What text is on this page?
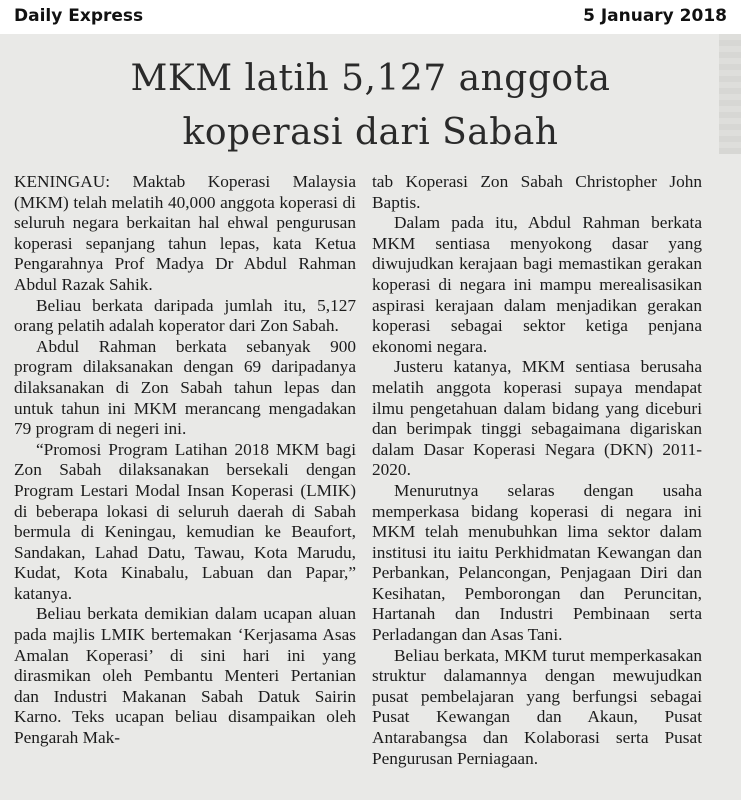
Daily Express	5 January 2018
MKM latih 5,127 anggota
koperasi dari Sabah

KENINGAU: Maktab Koperasi Malaysia (MKM) telah melatih 40,000 anggota koperasi di seluruh negara berkaitan hal ehwal pengurusan koperasi sepanjang tahun lepas, kata Ketua Pengarahnya Prof Madya Dr Abdul Rahman Abdul Razak Sahik.

Beliau berkata daripada jumlah itu, 5,127 orang pelatih adalah koperator dari Zon Sabah.

Abdul Rahman berkata sebanyak 900 program dilaksanakan dengan 69 daripadanya dilaksanakan di Zon Sabah tahun lepas dan untuk tahun ini MKM merancang mengadakan 79 program di negeri ini.

“Promosi Program Latihan 2018 MKM bagi Zon Sabah dilaksanakan bersekali dengan Program Lestari Modal Insan Koperasi (LMIK) di beberapa lokasi di seluruh daerah di Sabah bermula di Keningau, kemudian ke Beaufort, Sandakan, Lahad Datu, Tawau, Kota Marudu, Kudat, Kota Kinabalu, Labuan dan Papar,” katanya.

Beliau berkata demikian dalam ucapan aluan pada majlis LMIK bertemakan ‘Kerjasama Asas Amalan Koperasi’ di sini hari ini yang dirasmikan oleh Pembantu Menteri Pertanian dan Industri Makanan Sabah Datuk Sairin Karno. Teks ucapan beliau disampaikan oleh Pengarah Mak-

tab Koperasi Zon Sabah Christopher John Baptis.

Dalam pada itu, Abdul Rahman berkata MKM sentiasa menyokong dasar yang diwujudkan kerajaan bagi memastikan gerakan koperasi di negara ini mampu merealisasikan aspirasi kerajaan dalam menjadikan gerakan koperasi sebagai sektor ketiga penjana ekonomi negara.

Justeru katanya, MKM sentiasa berusaha melatih anggota koperasi supaya mendapat ilmu pengetahuan dalam bidang yang diceburi dan berimpak tinggi sebagaimana digariskan dalam Dasar Koperasi Negara (DKN) 2011-2020.

Menurutnya selaras dengan usaha memperkasa bidang koperasi di negara ini MKM telah menubuhkan lima sektor dalam institusi itu iaitu Perkhidmatan Kewangan dan Perbankan, Pelancongan, Penjagaan Diri dan Kesihatan, Pemborongan dan Peruncitan, Hartanah dan Industri Pembinaan serta Perladangan dan Asas Tani.

Beliau berkata, MKM turut memperkasakan struktur dalamannya dengan mewujudkan pusat pembelajaran yang berfungsi sebagai Pusat Kewangan dan Akaun, Pusat Antarabangsa dan Kolaborasi serta Pusat Pengurusan Perniagaan.
